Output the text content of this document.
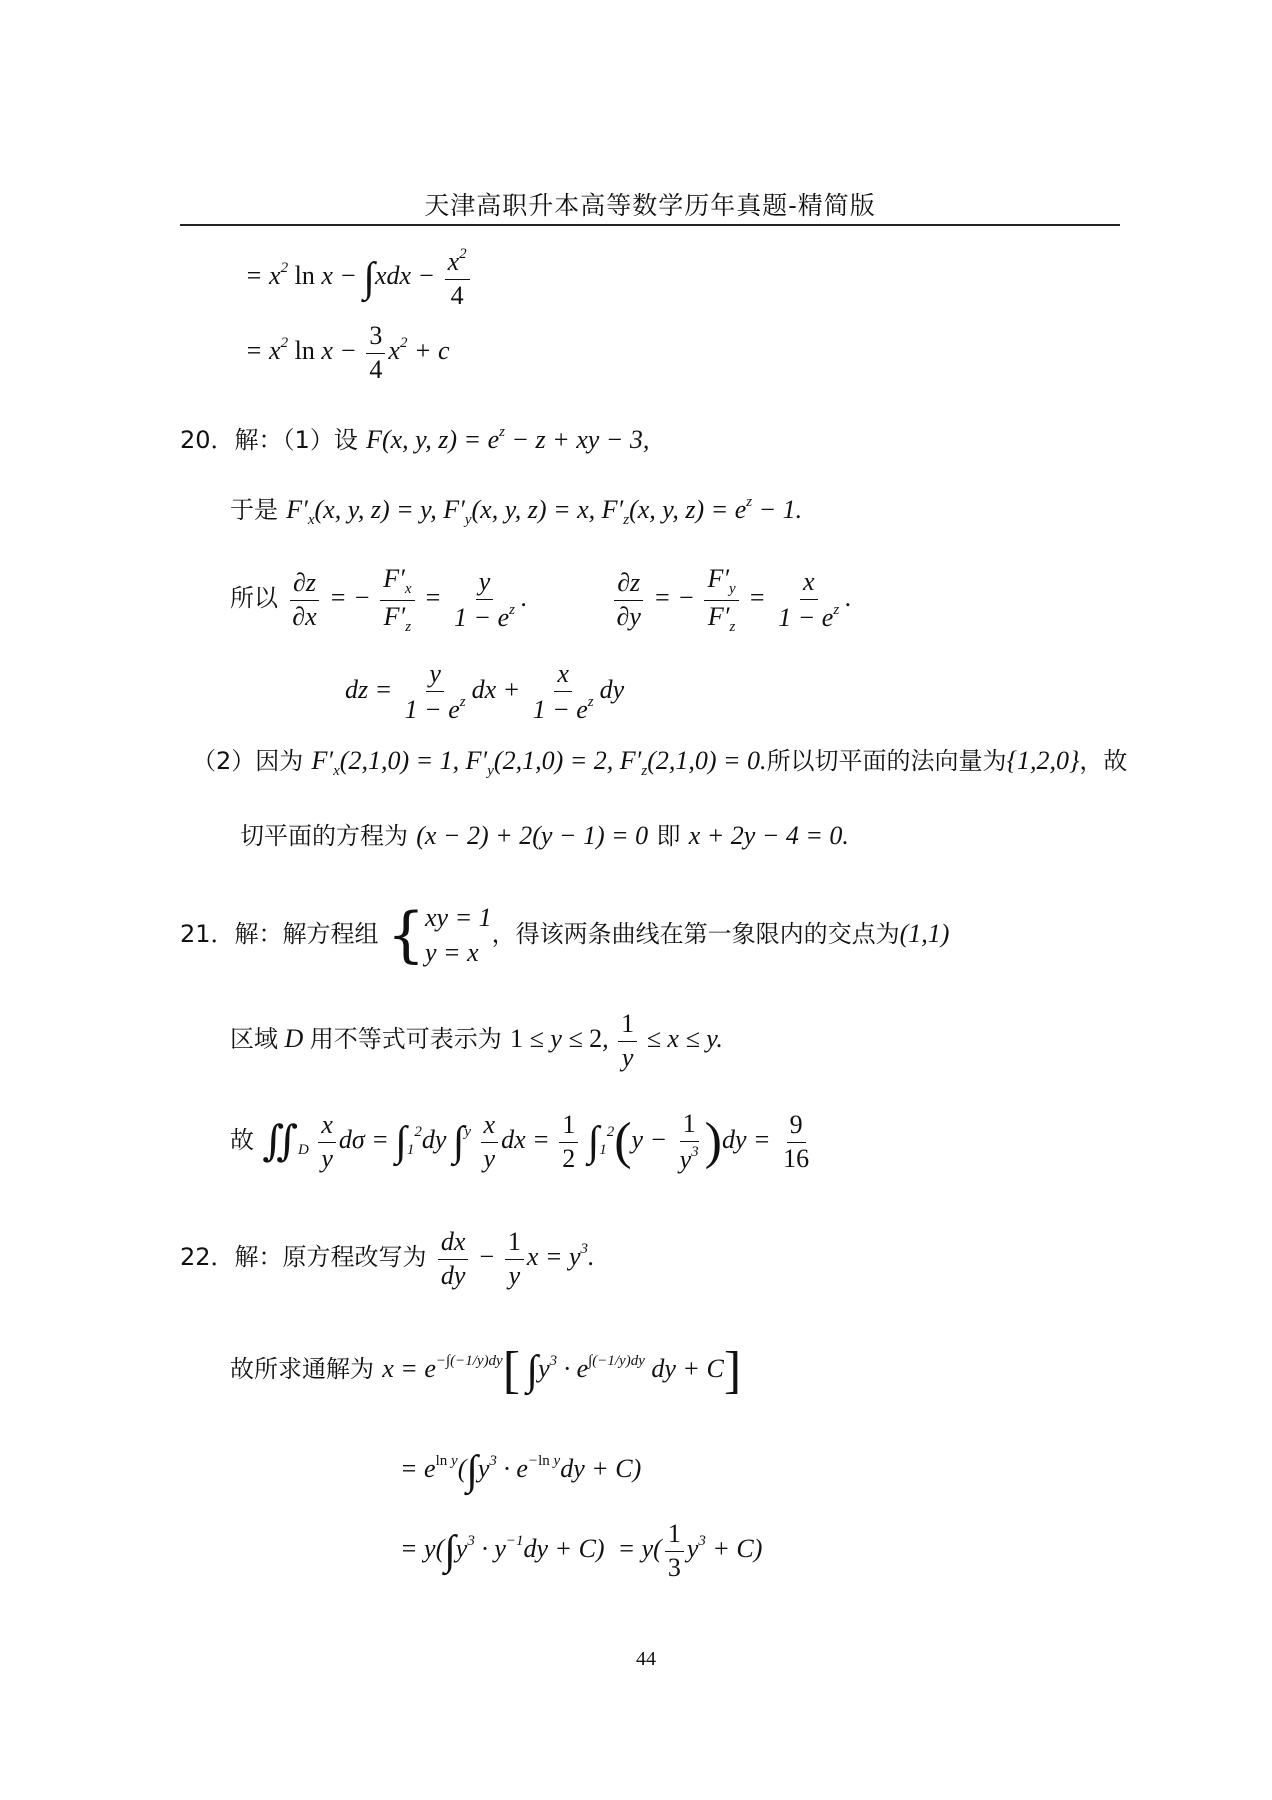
天津高职升本高等数学历年真题-精简版
= $x^2$ $\ln x - \int xdx - \frac{x^2}{4}$
= $x^2$ $\ln x - \frac{3}{4} x^2 + c$
20．解：（1）设 F(x, y, $z) = e^z - z$ + xy − 3,
于是 $F'_x(x$, y, z) = y, $F'_y(x$, y, z) = x, $F'_z(x$, y, $z) = e^z - 1$.
所以 $\frac{\partial z}{\partial x}$ = − $\frac{F'_x}{F'_z} = \frac{y}{1 - e^z}$ .	$\frac{\partial z}{\partial y}$ = − $\frac{F'_y}{F'_z} = \frac{x}{1 - e^z}$ .
dz = $\frac{y}{1 - e^z}$ dx + $\frac{x}{1 - e^z}$ dy
（2）因为 $F'_x(2,1,0) = 1$, $F'_y(2,1,0) = 2$, $F'_z(2,1,0) = 0$.所以切平面的法向量为{1,2,0}，故
切平面的方程为 (x − 2) + 2(y − 1) = 0 即 x + 2y − 4 = 0.
21．解：解方程组 { xy = 1
y = x
，得该两条曲线在第一象限内的交点为(1,1)
区域 D 用不等式可表示为 1 ≤ y ≤ 2, $\frac{1}{y} \le x \le y$.
故 $∬_D \frac{x}{y}$ $d\sigma = \int_1^2dy$ $\int^y \frac{x}{y}$ dx = $\frac{1}{2} \int_1^2(y - \frac{1}{y^3} )dy = \frac{9}{16}$
22．解：原方程改写为 $\frac{dx}{dy} - \frac{1}{y}$ $x = y^3$.
故所求通解为 $x = e^{-\int(-1/y)dy}$[ $\int y^3 \cdot e^{\int(-1/y)dy}$ dy + C]
= $e^{ln y}(\int y^3 \cdot e^{-ln y}dy + C)$
= $y(\int y^3 \cdot y^{-1}dy + C) = y( \frac{1}{3} y^3 + C)$
44
